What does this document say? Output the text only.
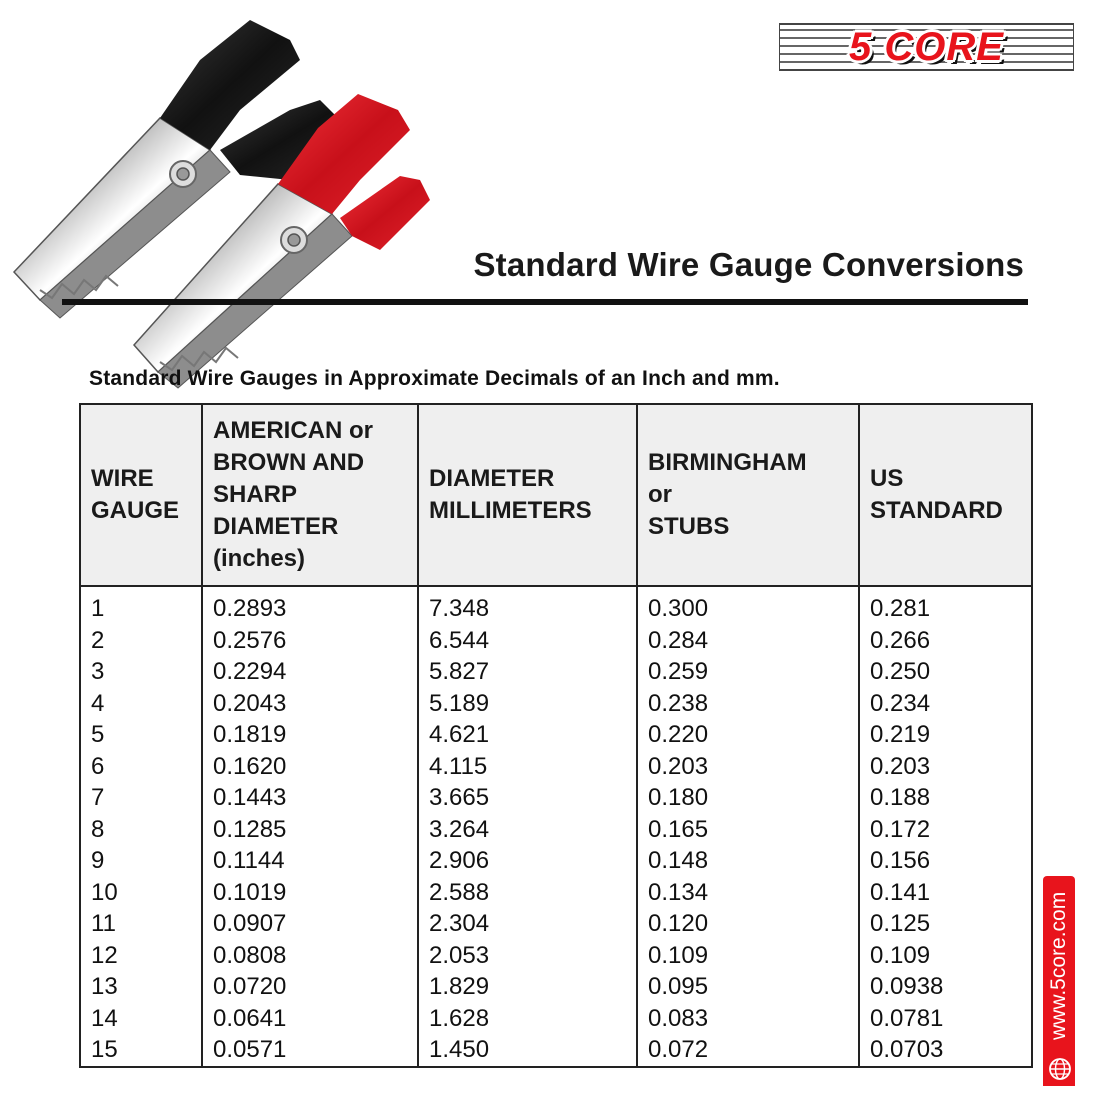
5 CORE
Standard Wire Gauge Conversions
Standard Wire Gauges in Approximate Decimals of an Inch and mm.
WIRE
GAUGE	AMERICAN or
BROWN AND
SHARP
DIAMETER
(inches)	DIAMETER
MILLIMETERS	BIRMINGHAM
or
STUBS	US
STANDARD
1	0.2893	7.348	0.300	0.281
2	0.2576	6.544	0.284	0.266
3	0.2294	5.827	0.259	0.250
4	0.2043	5.189	0.238	0.234
5	0.1819	4.621	0.220	0.219
6	0.1620	4.115	0.203	0.203
7	0.1443	3.665	0.180	0.188
8	0.1285	3.264	0.165	0.172
9	0.1144	2.906	0.148	0.156
10	0.1019	2.588	0.134	0.141
11	0.0907	2.304	0.120	0.125
12	0.0808	2.053	0.109	0.109
13	0.0720	1.829	0.095	0.0938
14	0.0641	1.628	0.083	0.0781
15	0.0571	1.450	0.072	0.0703
www.5core.com
